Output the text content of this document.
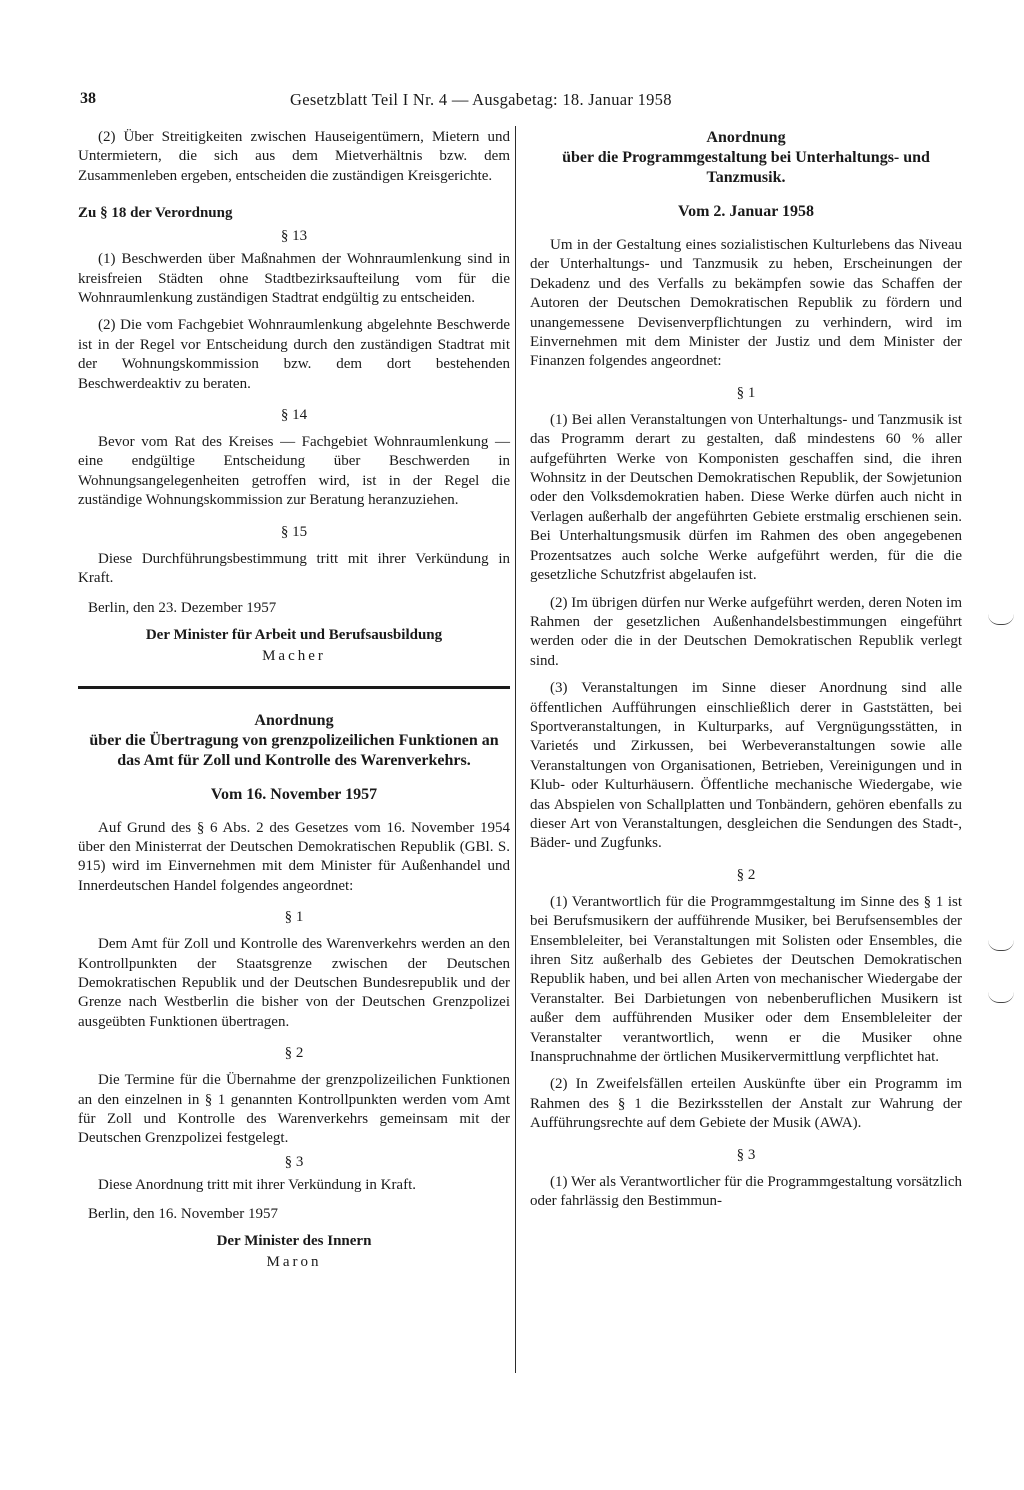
38	Gesetzblatt Teil I Nr. 4 — Ausgabetag: 18. Januar 1958

(2) Über Streitigkeiten zwischen Hauseigentümern, Mietern und Untermietern, die sich aus dem Mietverhältnis bzw. dem Zusammenleben ergeben, entscheiden die zuständigen Kreisgerichte.

Zu § 18 der Verordnung
§ 13

(1) Beschwerden über Maßnahmen der Wohnraumlenkung sind in kreisfreien Städten ohne Stadtbezirksaufteilung vom für die Wohnraumlenkung zuständigen Stadtrat endgültig zu entscheiden.

(2) Die vom Fachgebiet Wohnraumlenkung abgelehnte Beschwerde ist in der Regel vor Entscheidung durch den zuständigen Stadtrat mit der Wohnungskommission bzw. dem dort bestehenden Beschwerdeaktiv zu beraten.

§ 14

Bevor vom Rat des Kreises — Fachgebiet Wohnraumlenkung — eine endgültige Entscheidung über Beschwerden in Wohnungsangelegenheiten getroffen wird, ist in der Regel die zuständige Wohnungskommission zur Beratung heranzuziehen.

§ 15

Diese Durchführungsbestimmung tritt mit ihrer Verkündung in Kraft.

Berlin, den 23. Dezember 1957
Der Minister für Arbeit und Berufsausbildung
Macher
Anordnung
über die Übertragung von grenzpolizeilichen Funktionen an das Amt für Zoll und Kontrolle des Warenverkehrs.
Vom 16. November 1957

Auf Grund des § 6 Abs. 2 des Gesetzes vom 16. November 1954 über den Ministerrat der Deutschen Demokratischen Republik (GBl. S. 915) wird im Einvernehmen mit dem Minister für Außenhandel und Innerdeutschen Handel folgendes angeordnet:

§ 1

Dem Amt für Zoll und Kontrolle des Warenverkehrs werden an den Kontrollpunkten der Staatsgrenze zwischen der Deutschen Demokratischen Republik und der Deutschen Bundesrepublik und der Grenze nach Westberlin die bisher von der Deutschen Grenzpolizei ausgeübten Funktionen übertragen.

§ 2

Die Termine für die Übernahme der grenzpolizeilichen Funktionen an den einzelnen in § 1 genannten Kontrollpunkten werden vom Amt für Zoll und Kontrolle des Warenverkehrs gemeinsam mit der Deutschen Grenzpolizei festgelegt.

§ 3

Diese Anordnung tritt mit ihrer Verkündung in Kraft.

Berlin, den 16. November 1957
Der Minister des Innern
Maron
Anordnung
über die Programmgestaltung bei Unterhaltungs- und Tanzmusik.
Vom 2. Januar 1958

Um in der Gestaltung eines sozialistischen Kulturlebens das Niveau der Unterhaltungs- und Tanzmusik zu heben, Erscheinungen der Dekadenz und des Verfalls zu bekämpfen sowie das Schaffen der Autoren der Deutschen Demokratischen Republik zu fördern und unangemessene Devisenverpflichtungen zu verhindern, wird im Einvernehmen mit dem Minister der Justiz und dem Minister der Finanzen folgendes angeordnet:

§ 1

(1) Bei allen Veranstaltungen von Unterhaltungs- und Tanzmusik ist das Programm derart zu gestalten, daß mindestens 60 % aller aufgeführten Werke von Komponisten geschaffen sind, die ihren Wohnsitz in der Deutschen Demokratischen Republik, der Sowjetunion oder den Volksdemokratien haben. Diese Werke dürfen auch nicht in Verlagen außerhalb der angeführten Gebiete erstmalig erschienen sein. Bei Unterhaltungsmusik dürfen im Rahmen des oben angegebenen Prozentsatzes auch solche Werke aufgeführt werden, für die die gesetzliche Schutzfrist abgelaufen ist.

(2) Im übrigen dürfen nur Werke aufgeführt werden, deren Noten im Rahmen der gesetzlichen Außenhandelsbestimmungen eingeführt werden oder die in der Deutschen Demokratischen Republik verlegt sind.

(3) Veranstaltungen im Sinne dieser Anordnung sind alle öffentlichen Aufführungen einschließlich derer in Gaststätten, bei Sportveranstaltungen, in Kulturparks, auf Vergnügungsstätten, in Varietés und Zirkussen, bei Werbeveranstaltungen sowie alle Veranstaltungen von Organisationen, Betrieben, Vereinigungen und in Klub- oder Kulturhäusern. Öffentliche mechanische Wiedergabe, wie das Abspielen von Schallplatten und Tonbändern, gehören ebenfalls zu dieser Art von Veranstaltungen, desgleichen die Sendungen des Stadt-, Bäder- und Zugfunks.

§ 2

(1) Verantwortlich für die Programmgestaltung im Sinne des § 1 ist bei Berufsmusikern der aufführende Musiker, bei Berufsensembles der Ensembleleiter, bei Veranstaltungen mit Solisten oder Ensembles, die ihren Sitz außerhalb des Gebietes der Deutschen Demokratischen Republik haben, und bei allen Arten von mechanischer Wiedergabe der Veranstalter. Bei Darbietungen von nebenberuflichen Musikern ist außer dem aufführenden Musiker oder dem Ensembleleiter der Veranstalter verantwortlich, wenn er die Musiker ohne Inanspruchnahme der örtlichen Musikervermittlung verpflichtet hat.

(2) In Zweifelsfällen erteilen Auskünfte über ein Programm im Rahmen des § 1 die Bezirksstellen der Anstalt zur Wahrung der Aufführungsrechte auf dem Gebiete der Musik (AWA).

§ 3

(1) Wer als Verantwortlicher für die Programmgestaltung vorsätzlich oder fahrlässig den Bestimmun-
